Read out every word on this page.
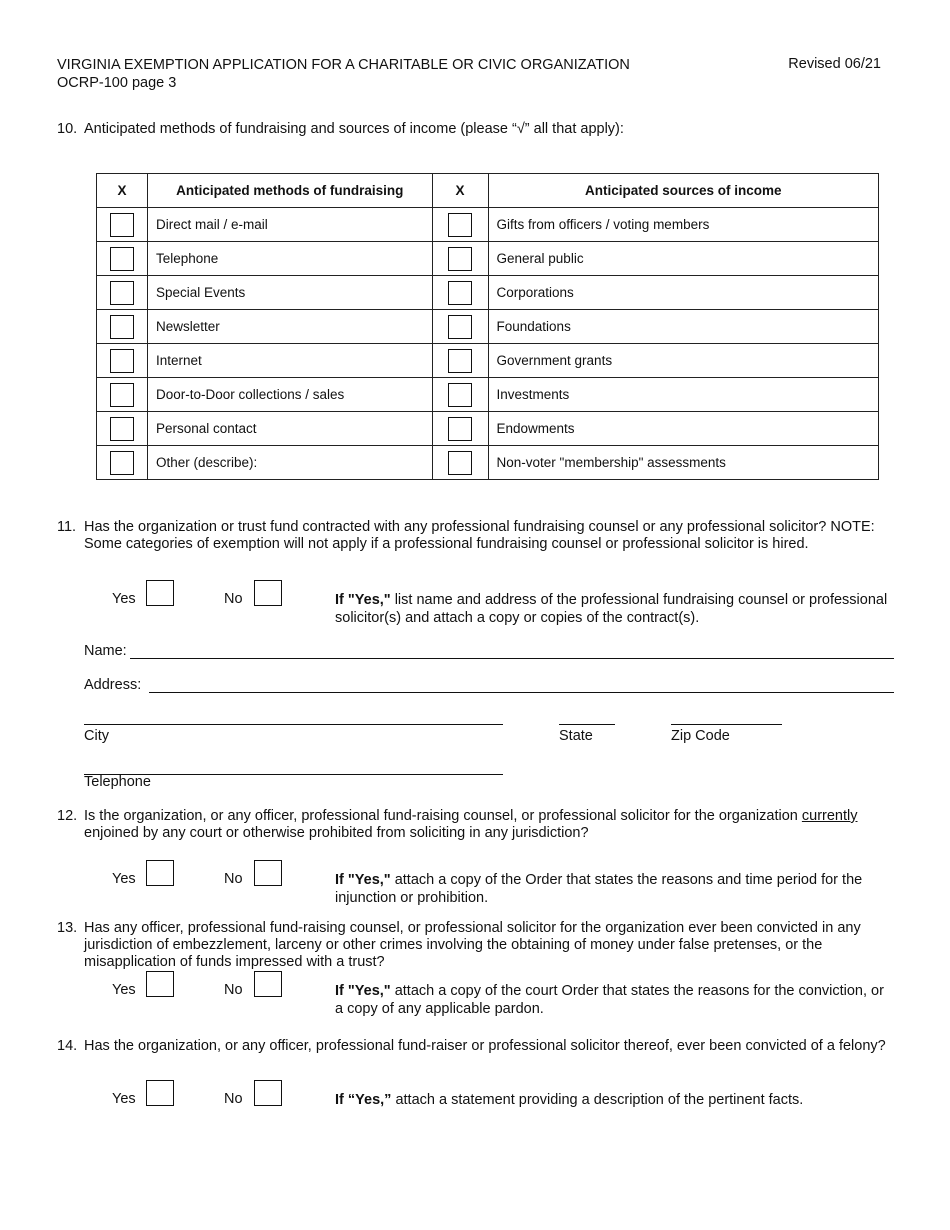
VIRGINIA EXEMPTION APPLICATION FOR A CHARITABLE OR CIVIC ORGANIZATION
OCRP-100 page 3
Revised 06/21
10. Anticipated methods of fundraising and sources of income (please “√” all that apply):
X	Anticipated methods of fundraising	X	Anticipated sources of income
	Direct mail / e-mail		Gifts from officers / voting members
	Telephone		General public
	Special Events		Corporations
	Newsletter		Foundations
	Internet		Government grants
	Door-to-Door collections / sales		Investments
	Personal contact		Endowments
	Other (describe):		Non-voter "membership" assessments
11. Has the organization or trust fund contracted with any professional fundraising counsel or any professional solicitor? NOTE: Some categories of exemption will not apply if a professional fundraising counsel or professional solicitor is hired.
Yes	No	If "Yes," list name and address of the professional fundraising counsel or professional solicitor(s) and attach a copy or copies of the contract(s).
Name:
Address:
City	State	Zip Code
Telephone
12. Is the organization, or any officer, professional fund-raising counsel, or professional solicitor for the organization currently enjoined by any court or otherwise prohibited from soliciting in any jurisdiction?
Yes	No	If "Yes," attach a copy of the Order that states the reasons and time period for the injunction or prohibition.
13. Has any officer, professional fund-raising counsel, or professional solicitor for the organization ever been convicted in any jurisdiction of embezzlement, larceny or other crimes involving the obtaining of money under false pretenses, or the misapplication of funds impressed with a trust?
Yes	No	If "Yes," attach a copy of the court Order that states the reasons for the conviction, or a copy of any applicable pardon.
14. Has the organization, or any officer, professional fund-raiser or professional solicitor thereof, ever been convicted of a felony?
Yes	No	If “Yes,” attach a statement providing a description of the pertinent facts.
